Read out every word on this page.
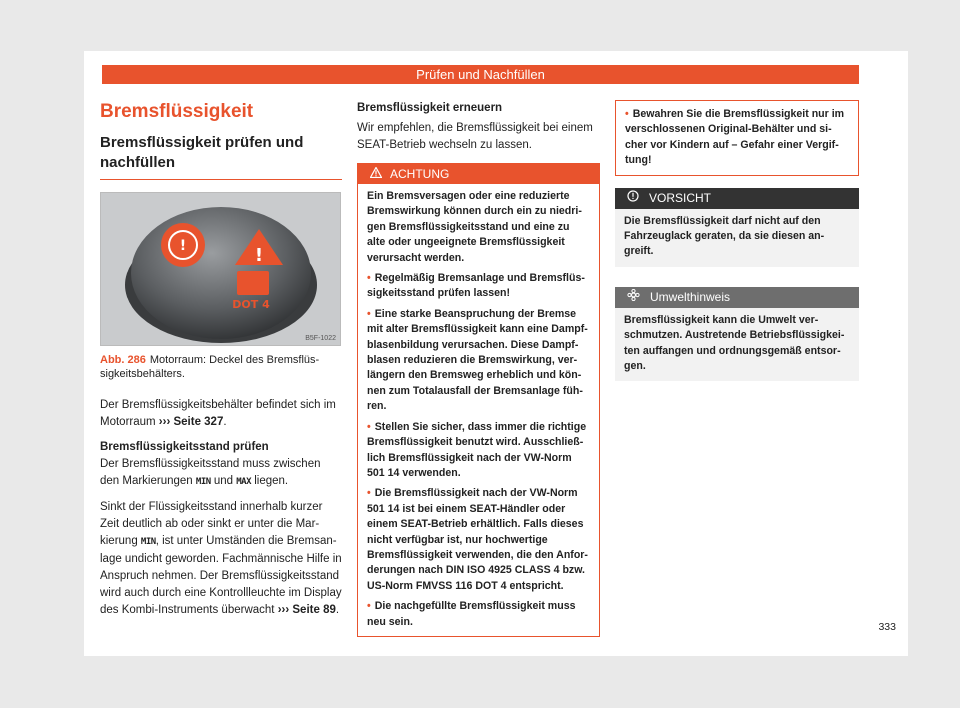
Prüfen und Nachfüllen
Bremsflüssigkeit
Bremsflüssigkeit prüfen und nachfüllen
!	!
DOT 4
B5F-1022
Abb. 286 Motorraum: Deckel des Bremsflüssigkeitsbehälters.

Der Bremsflüssigkeitsbehälter befindet sich im Motorraum ››› Seite 327.

Bremsflüssigkeitsstand prüfen

Der Bremsflüssigkeitsstand muss zwischen den Markierungen MIN und MAX liegen.

Sinkt der Flüssigkeitsstand innerhalb kurzer Zeit deutlich ab oder sinkt er unter die Markierung MIN, ist unter Umständen die Bremsanlage undicht geworden. Fachmännische Hilfe in Anspruch nehmen. Der Bremsflüssigkeitsstand wird auch durch eine Kontrollleuchte im Display des Kombi-Instruments überwacht ››› Seite 89.

Bremsflüssigkeit erneuern

Wir empfehlen, die Bremsflüssigkeit bei einem SEAT-Betrieb wechseln zu lassen.

ACHTUNG

Ein Bremsversagen oder eine reduzierte Bremswirkung können durch ein zu niedrigen Bremsflüssigkeitsstand und eine zu alte oder ungeeignete Bremsflüssigkeit verursacht werden.

• Regelmäßig Bremsanlage und Bremsflüssigkeitsstand prüfen lassen!

• Eine starke Beanspruchung der Bremse mit alter Bremsflüssigkeit kann eine Dampfblasenbildung verursachen. Diese Dampfblasen reduzieren die Bremswirkung, verlängern den Bremsweg erheblich und können zum Totalausfall der Bremsanlage führen.

• Stellen Sie sicher, dass immer die richtige Bremsflüssigkeit benutzt wird. Ausschließlich Bremsflüssigkeit nach der VW-Norm 501 14 verwenden.

• Die Bremsflüssigkeit nach der VW-Norm 501 14 ist bei einem SEAT-Händler oder einem SEAT-Betrieb erhältlich. Falls dieses nicht verfügbar ist, nur hochwertige Bremsflüssigkeit verwenden, die den Anforderungen nach DIN ISO 4925 CLASS 4 bzw. US-Norm FMVSS 116 DOT 4 entspricht.

• Die nachgefüllte Bremsflüssigkeit muss neu sein.

• Bewahren Sie die Bremsflüssigkeit nur im verschlossenen Original-Behälter und sicher vor Kindern auf – Gefahr einer Vergiftung!

VORSICHT
Die Bremsflüssigkeit darf nicht auf den Fahrzeuglack geraten, da sie diesen angreift.
Umwelthinweis
Bremsflüssigkeit kann die Umwelt verschmutzen. Austretende Betriebsflüssigkeiten auffangen und ordnungsgemäß entsorgen.
333
